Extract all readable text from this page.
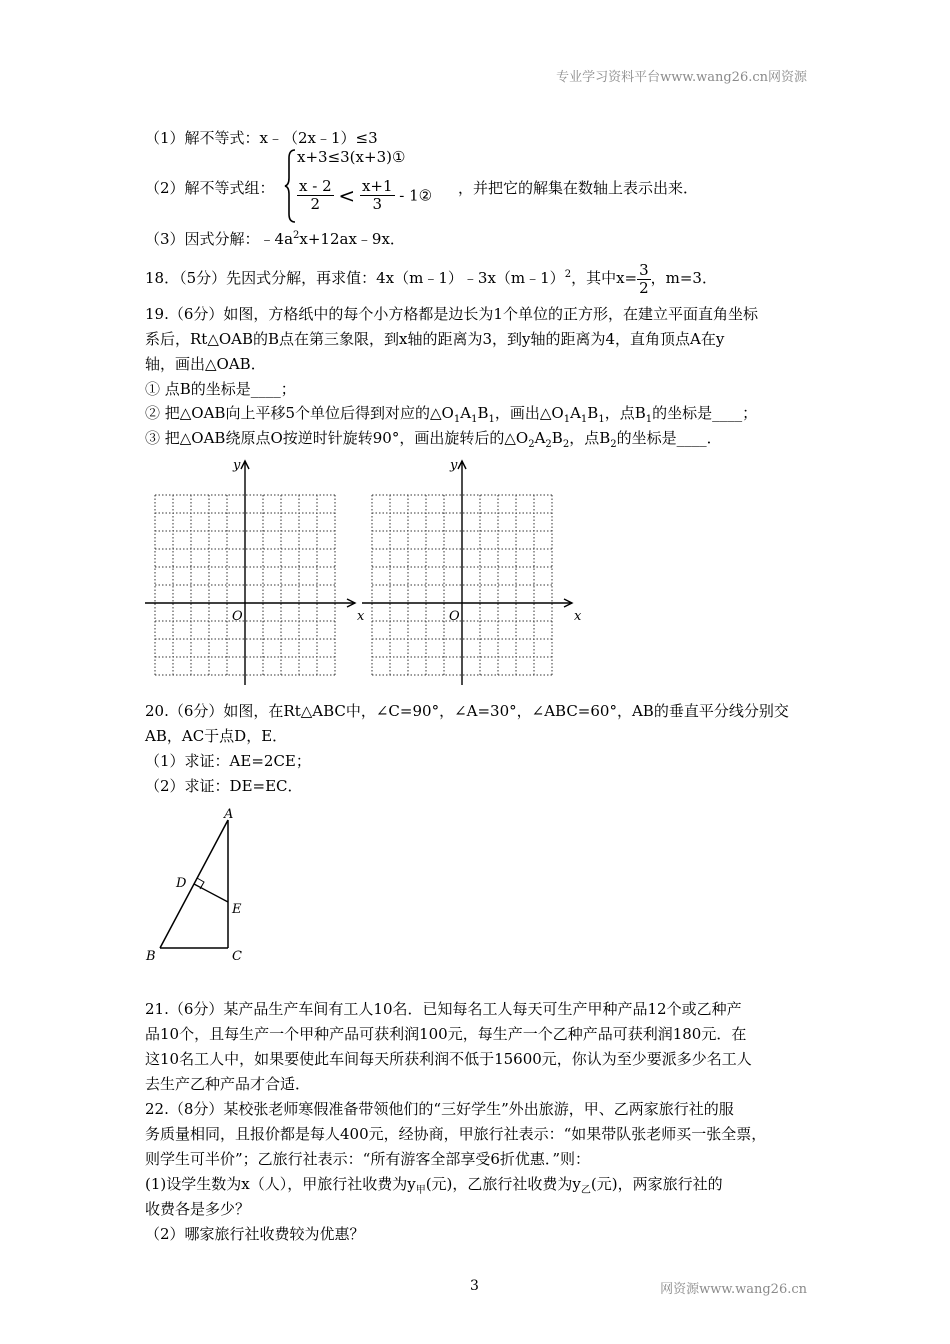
专业学习资料平台www.wang26.cn网资源
（1）解不等式：x﹣（2x﹣1）≤3
（2）解不等式组：
x+3≤3(x+3)①
$\frac{x - 2}{2} < \frac{x+1}{3}$ - 1② ，并把它的解集在数轴上表示出来．
（3）因式分解：$﹣4a^2x+12ax﹣9x$．
18．（5分）先因式分解，再求值：4x（m﹣1）﹣3x（m﹣1）$^2$，其中$x= \frac{3}{2}$ ，m=3．
19.（6分）如图，方格纸中的每个小方格都是边长为1个单位的正方形，在建立平面直角坐标
系后，Rt△OAB的B点在第三象限，到x轴的距离为3，到y轴的距离为4，直角顶点A在y
轴，画出△OAB．
① 点B的坐标是____；
② 把△OAB向上平移5个单位后得到对应的$\triangle O_1A_1B_1$，画出$\triangle O_1A_1B_1$，点$B_1$的坐标是____；
③ 把△OAB绕原点O按逆时针旋转90°，画出旋转后的$\triangle O_2A_2B_2$，点$B_2$的坐标是____．
y
x
O
y
x
O
20.（6分）如图，在Rt△ABC中，∠C=90°，∠A=30°，∠ABC=60°，AB的垂直平分线分别交
AB，AC于点D，E．
（1）求证：AE=2CE；
（2）求证：DE=EC．
A
B	C
D
E
21.（6分）某产品生产车间有工人10名．已知每名工人每天可生产甲种产品12个或乙种产
品10个，且每生产一个甲种产品可获利润100元，每生产一个乙种产品可获利润180元．在
这10名工人中，如果要使此车间每天所获利润不低于15600元，你认为至少要派多少名工人
去生产乙种产品才合适．
22.（8分）某校张老师寒假准备带领他们的“三好学生”外出旅游，甲、乙两家旅行社的服
务质量相同，且报价都是每人400元，经协商，甲旅行社表示：“如果带队张老师买一张全票，
则学生可半价”；乙旅行社表示：“所有游客全部享受6折优惠．”则：
(1)设学生数为x（人），甲旅行社收费为$y_甲$(元)，乙旅行社收费为$y_乙$(元)，两家旅行社的
收费各是多少？
（2）哪家旅行社收费较为优惠？
3	网资源www.wang26.cn
